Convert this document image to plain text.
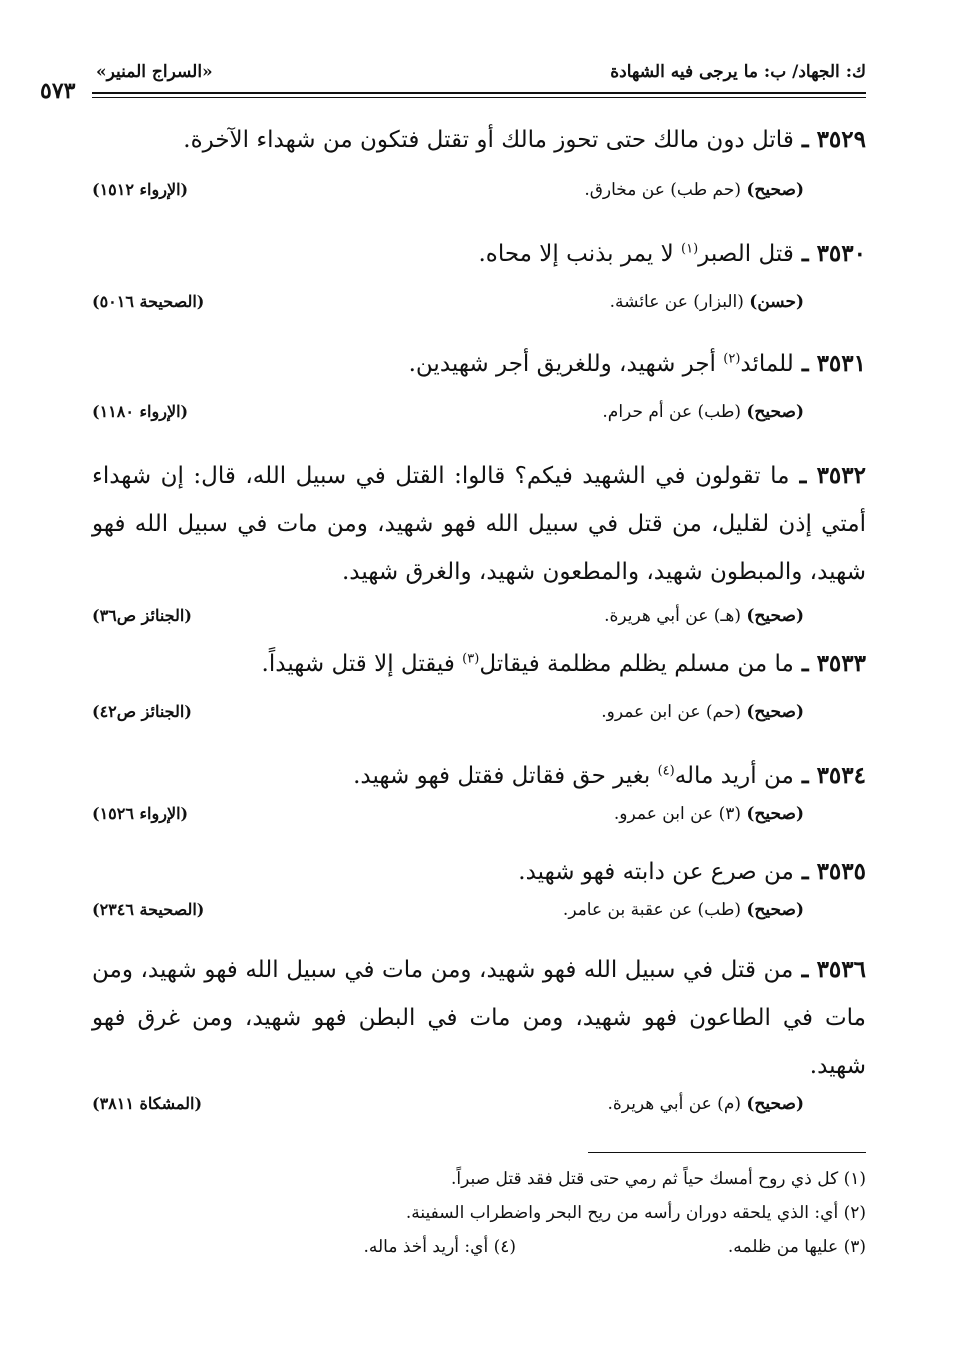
ك: الجهاد/ ب: ما يرجى فيه الشهادة
«السراج المنير»
٥٧٣

٣٥٢٩ ـ قاتل دون مالك حتى تحوز مالك أو تقتل فتكون من شهداء الآخرة.

(صحيح) (حم طب) عن مخارق.
(الإرواء ١٥١٢)

٣٥٣٠ ـ قتل الصبر$^{(١)}$ لا يمر بذنب إلا محاه.

(حسن) (البزار) عن عائشة.
(الصحيحة ٥٠١٦)

٣٥٣١ ـ للمائد$^{(٢)}$ أجر شهيد، وللغريق أجر شهيدين.

(صحيح) (طب) عن أم حرام.
(الإرواء ١١٨٠)

٣٥٣٢ ـ ما تقولون في الشهيد فيكم؟ قالوا: القتل في سبيل الله، قال: إن شهداء أمتي إذن لقليل، من قتل في سبيل الله فهو شهيد، ومن مات في سبيل الله فهو شهيد، والمبطون شهيد، والمطعون شهيد، والغرق شهيد.

(صحيح) (هـ) عن أبي هريرة.
(الجنائز ص٣٦)

٣٥٣٣ ـ ما من مسلم يظلم مظلمة فيقاتل$^{(٣)}$ فيقتل إلا قتل شهيداً.

(صحيح) (حم) عن ابن عمرو.
(الجنائز ص٤٢)

٣٥٣٤ ـ من أريد ماله$^{(٤)}$ بغير حق فقاتل فقتل فهو شهيد.

(صحيح) (٣) عن ابن عمرو.
(الإرواء ١٥٢٦)

٣٥٣٥ ـ من صرع عن دابته فهو شهيد.

(صحيح) (طب) عن عقبة بن عامر.
(الصحيحة ٢٣٤٦)

٣٥٣٦ ـ من قتل في سبيل الله فهو شهيد، ومن مات في سبيل الله فهو شهيد، ومن مات في الطاعون فهو شهيد، ومن مات في البطن فهو شهيد، ومن غرق فهو شهيد.

(صحيح) (م) عن أبي هريرة.
(المشكاة ٣٨١١)
(١) كل ذي روح أمسك حياً ثم رمي حتى قتل فقد قتل صبراً.
(٢) أي: الذي يلحقه دوران رأسه من ريح البحر واضطراب السفينة.
(٣) عليها من ظلمه.
(٤) أي: أريد أخذ ماله.
